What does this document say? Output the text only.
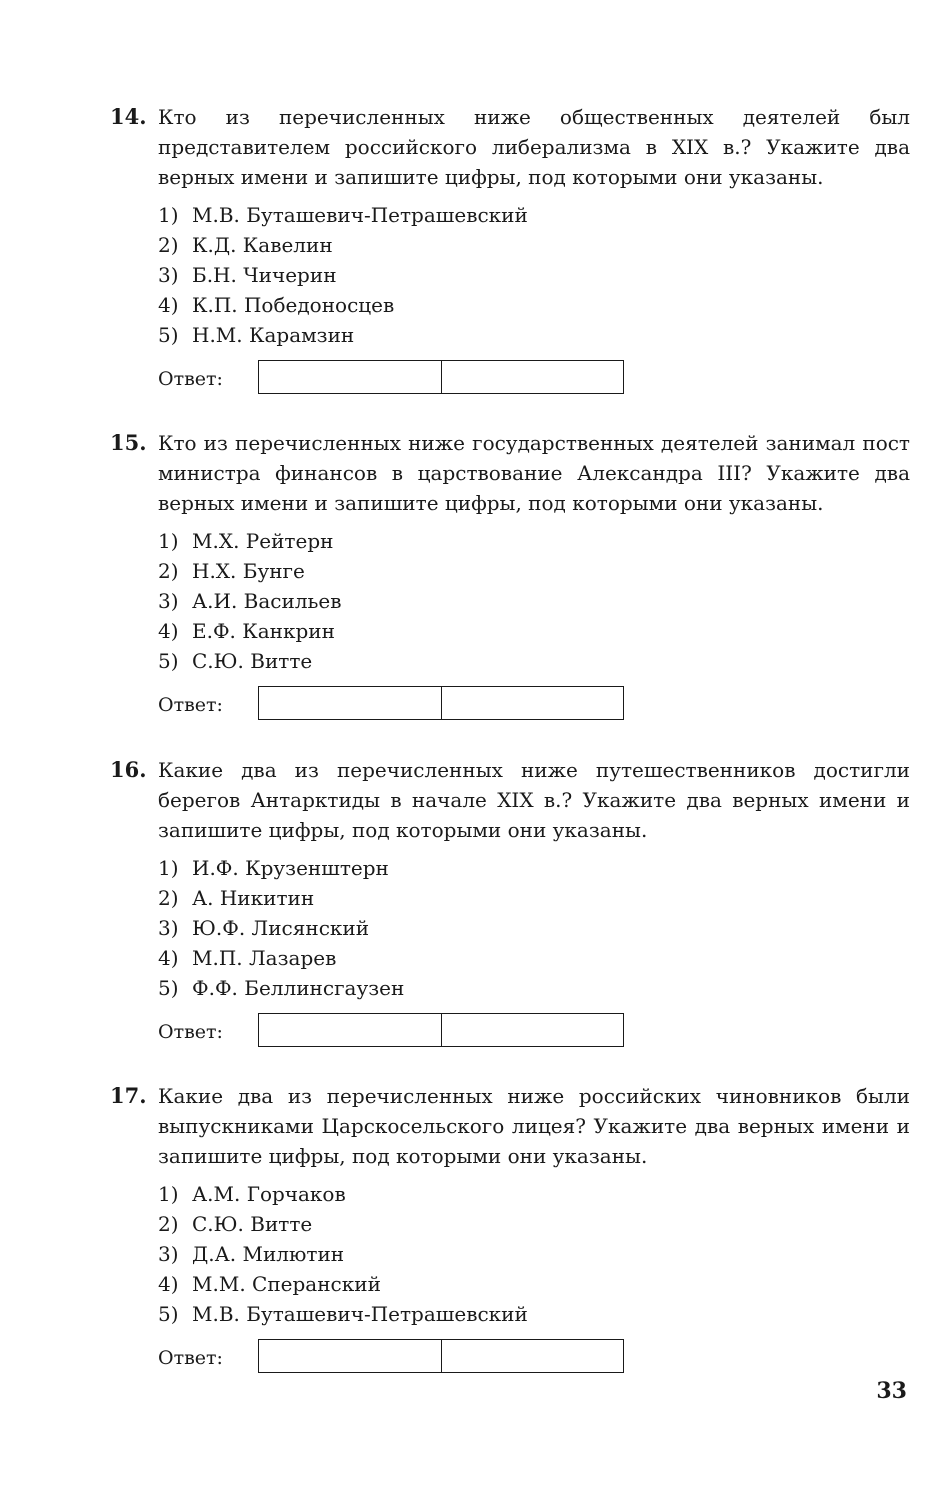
14. Кто из перечисленных ниже общественных деятелей был представителем российского либерализма в XIX в.? Укажите два верных имени и запишите цифры, под которыми они указаны.
1) М.В. Буташевич-Петрашевский
2) К.Д. Кавелин
3) Б.Н. Чичерин
4) К.П. Победоносцев
5) Н.М. Карамзин
Ответ:
15. Кто из перечисленных ниже государственных деятелей занимал пост министра финансов в царствование Александра III? Укажите два верных имени и запишите цифры, под которыми они указаны.
1) М.Х. Рейтерн
2) Н.Х. Бунге
3) А.И. Васильев
4) Е.Ф. Канкрин
5) С.Ю. Витте
Ответ:
16. Какие два из перечисленных ниже путешественников достигли берегов Антарктиды в начале XIX в.? Укажите два верных имени и запишите цифры, под которыми они указаны.
1) И.Ф. Крузенштерн
2) А. Никитин
3) Ю.Ф. Лисянский
4) М.П. Лазарев
5) Ф.Ф. Беллинсгаузен
Ответ:
17. Какие два из перечисленных ниже российских чиновников были выпускниками Царскосельского лицея? Укажите два верных имени и запишите цифры, под которыми они указаны.
1) А.М. Горчаков
2) С.Ю. Витте
3) Д.А. Милютин
4) М.М. Сперанский
5) М.В. Буташевич-Петрашевский
Ответ:
33
